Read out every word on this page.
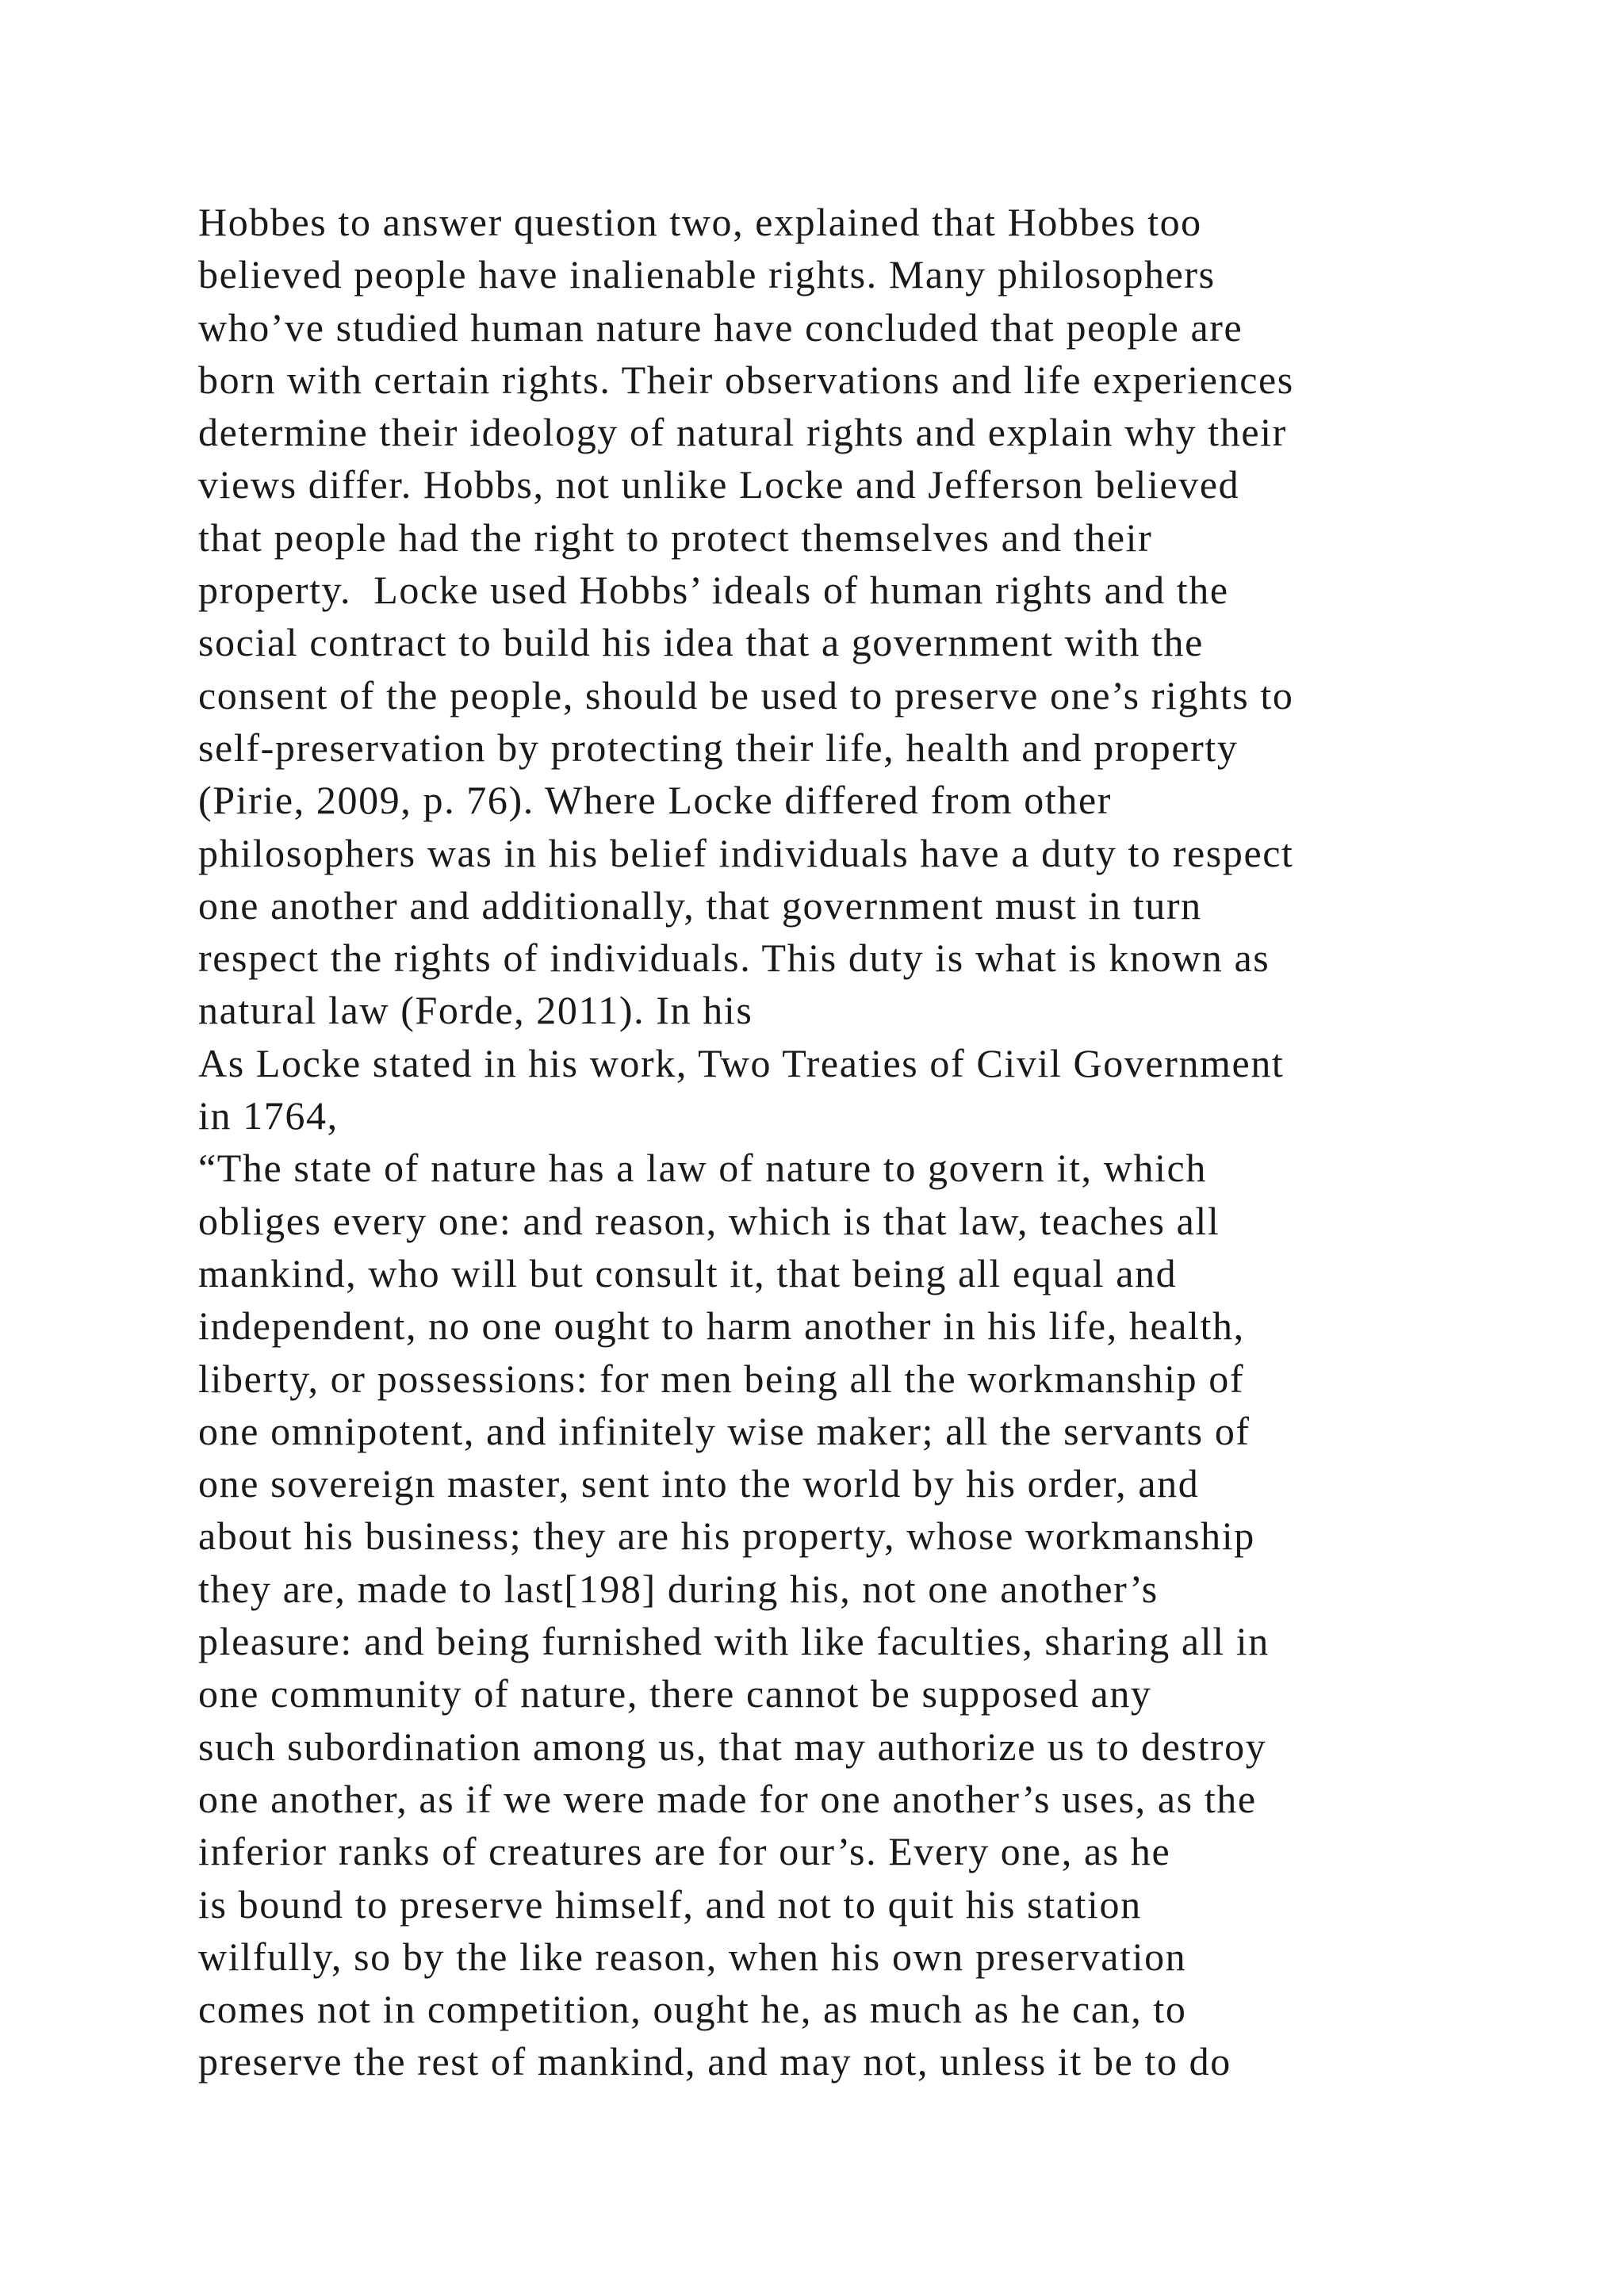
Hobbes to answer question two, explained that Hobbes too
believed people have inalienable rights. Many philosophers
who’ve studied human nature have concluded that people are
born with certain rights. Their observations and life experiences
determine their ideology of natural rights and explain why their
views differ. Hobbs, not unlike Locke and Jefferson believed
that people had the right to protect themselves and their
property.  Locke used Hobbs’ ideals of human rights and the
social contract to build his idea that a government with the
consent of the people, should be used to preserve one’s rights to
self-preservation by protecting their life, health and property
(Pirie, 2009, p. 76). Where Locke differed from other
philosophers was in his belief individuals have a duty to respect
one another and additionally, that government must in turn
respect the rights of individuals. This duty is what is known as
natural law (Forde, 2011). In his
As Locke stated in his work, Two Treaties of Civil Government
in 1764,
“The state of nature has a law of nature to govern it, which
obliges every one: and reason, which is that law, teaches all
mankind, who will but consult it, that being all equal and
independent, no one ought to harm another in his life, health,
liberty, or possessions: for men being all the workmanship of
one omnipotent, and infinitely wise maker; all the servants of
one sovereign master, sent into the world by his order, and
about his business; they are his property, whose workmanship
they are, made to last[198] during his, not one another’s
pleasure: and being furnished with like faculties, sharing all in
one community of nature, there cannot be supposed any
such subordination among us, that may authorize us to destroy
one another, as if we were made for one another’s uses, as the
inferior ranks of creatures are for our’s. Every one, as he
is bound to preserve himself, and not to quit his station
wilfully, so by the like reason, when his own preservation
comes not in competition, ought he, as much as he can, to
preserve the rest of mankind, and may not, unless it be to do
